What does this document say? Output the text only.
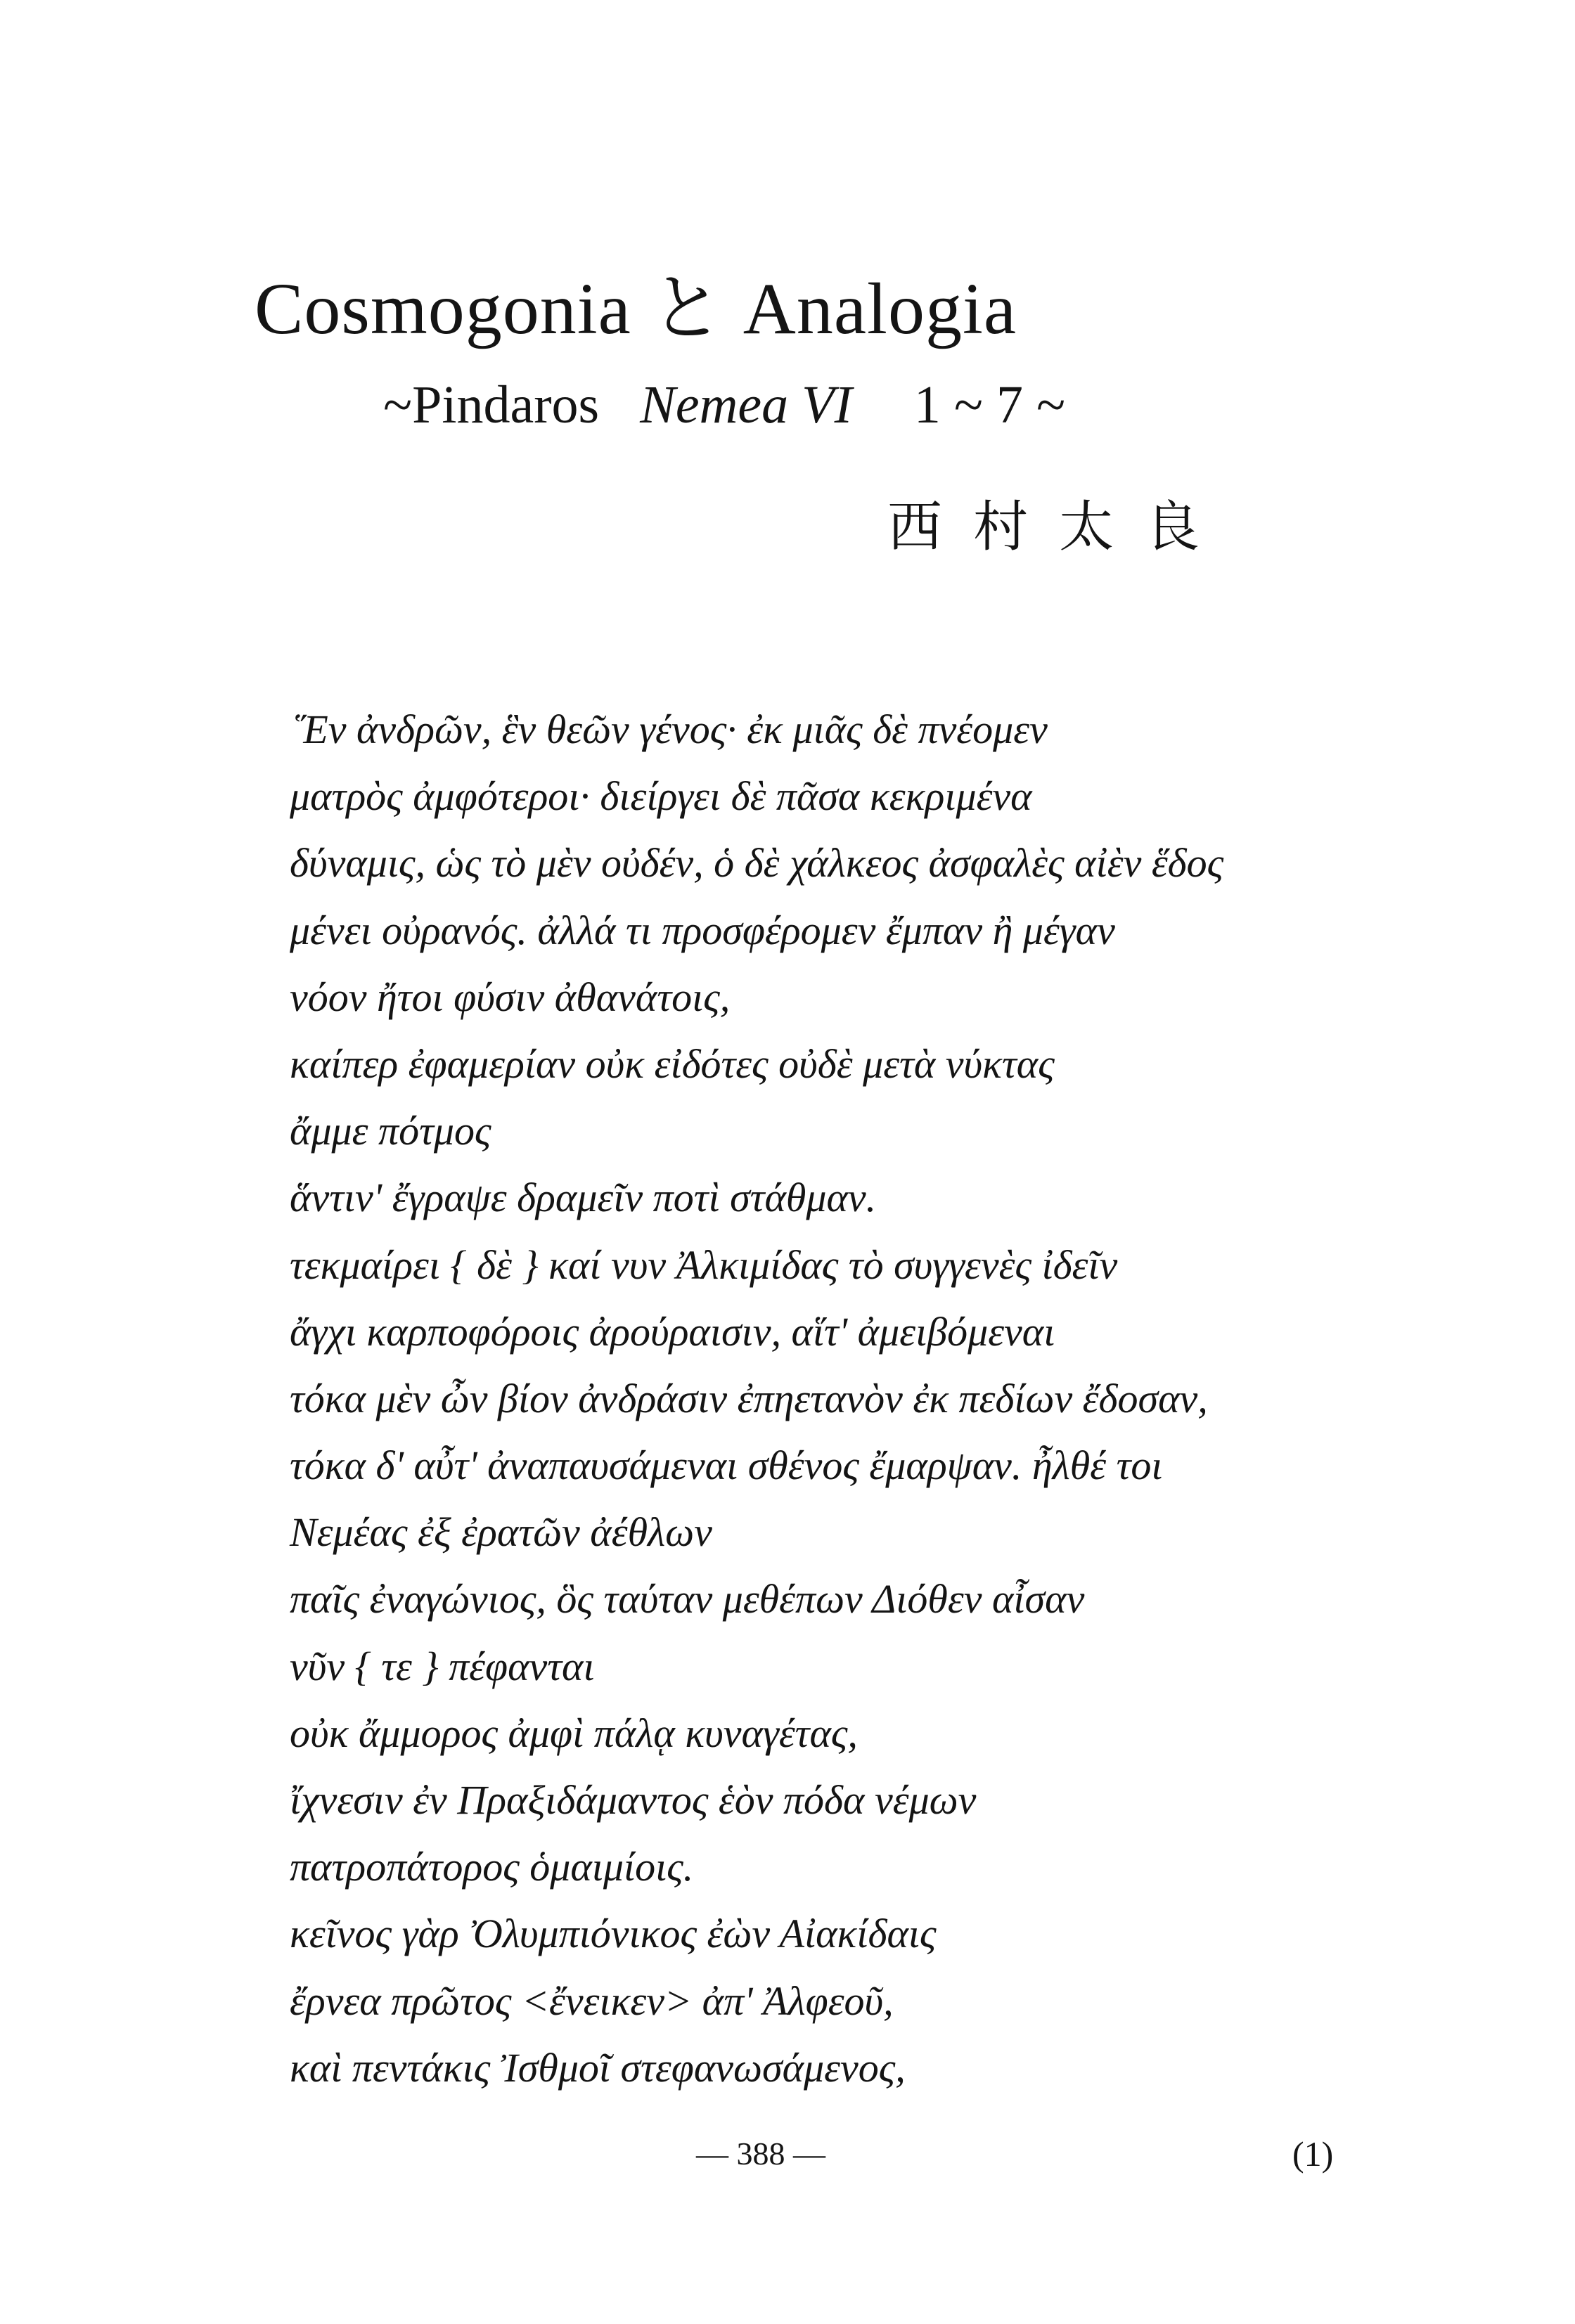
Cosmogonia と Analogia
~Pindaros Nemea VI 1 ~ 7 ~
西村太良
῞Εν ἀνδρῶν, ἓν θεῶν γένος· ἐκ μιᾶς δὲ πνέομεν
ματρὸς ἀμφότεροι· διείργει δὲ πᾶσα κεκριμένα
δύναμις, ὡς τὸ μὲν οὐδέν, ὁ δὲ χάλκεος ἀσφαλὲς αἰὲν ἕδος
μένει οὐρανός. ἀλλά τι προσφέρομεν ἔμπαν ἢ μέγαν
νόον ἤτοι φύσιν ἀθανάτοις,
καίπερ ἐφαμερίαν οὐκ εἰδότες οὐδὲ μετὰ νύκτας
ἄμμε πότμος
ἅντιν' ἔγραψε δραμεῖν ποτὶ στάθμαν.
τεκμαίρει { δὲ } καί νυν Ἀλκιμίδας τὸ συγγενὲς ἰδεῖν
ἄγχι καρποφόροις ἀρούραισιν, αἵτ' ἀμειβόμεναι
τόκα μὲν ὦν βίον ἀνδράσιν ἐπηετανὸν ἐκ πεδίων ἔδοσαν,
τόκα δ' αὖτ' ἀναπαυσάμεναι σθένος ἔμαρψαν. ἦλθέ τοι
Νεμέας ἐξ ἐρατῶν ἀέθλων
παῖς ἐναγώνιος, ὃς ταύταν μεθέπων Διόθεν αἶσαν
νῦν { τε } πέφανται
οὐκ ἄμμορος ἀμφὶ πάλᾳ κυναγέτας,
ἴχνεσιν ἐν Πραξιδάμαντος ἑὸν πόδα νέμων
πατροπάτορος ὁμαιμίοις.
κεῖνος γὰρ Ὀλυμπιόνικος ἐὼν Αἰακίδαις
ἔρνεα πρῶτος <ἔνεικεν> ἀπ' Ἀλφεοῦ,
καὶ πεντάκις Ἰσθμοῖ στεφανωσάμενος,
— 388 —	(1)
